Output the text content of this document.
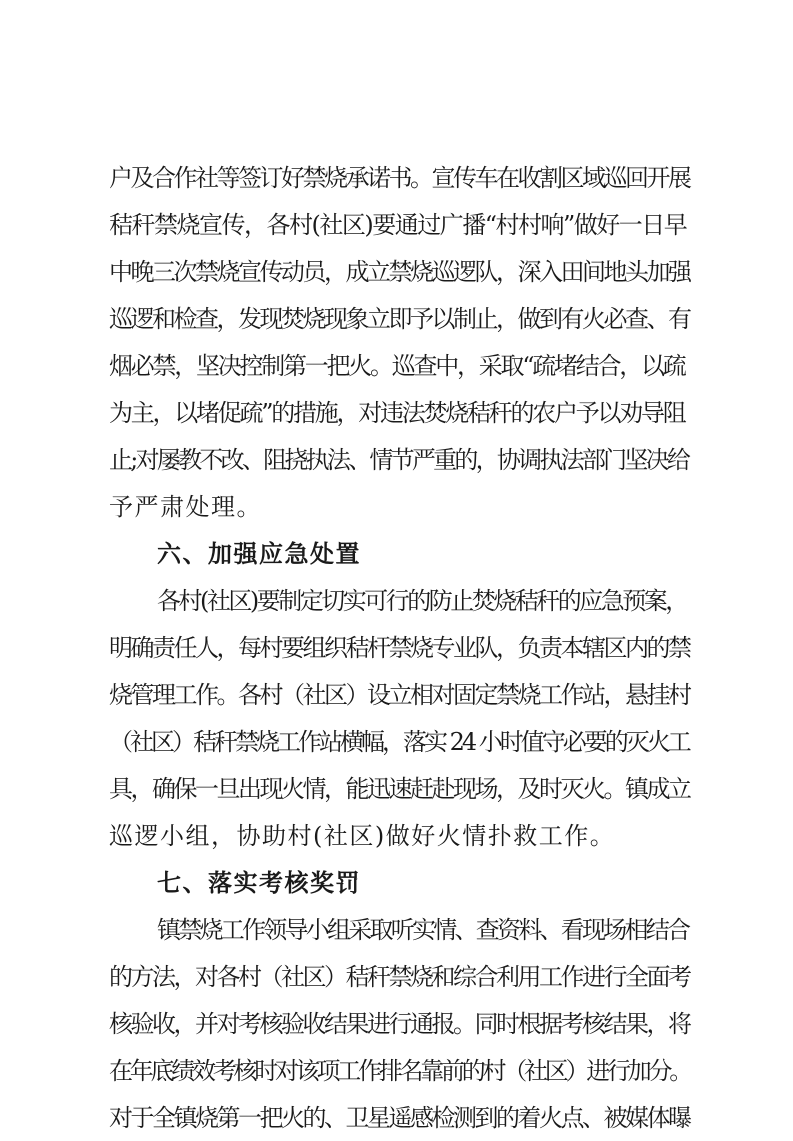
户及合作社等签订好禁烧承诺书。宣传车在收割区域巡回开展
秸秆禁烧宣传，各村(社区)要通过广播“村村响”做好一日早
中晚三次禁烧宣传动员，成立禁烧巡逻队，深入田间地头加强
巡逻和检查，发现焚烧现象立即予以制止，做到有火必查、有
烟必禁，坚决控制第一把火。巡查中，采取“疏堵结合，以疏
为主，以堵促疏”的措施，对违法焚烧秸秆的农户予以劝导阻
止;对屡教不改、阻挠执法、情节严重的，协调执法部门坚决给
予严肃处理。
六、加强应急处置
各村(社区)要制定切实可行的防止焚烧秸秆的应急预案，
明确责任人，每村要组织秸杆禁烧专业队，负责本辖区内的禁
烧管理工作。各村（社区）设立相对固定禁烧工作站，悬挂村
（社区）秸秆禁烧工作站横幅，落实 24 小时值守必要的灭火工
具，确保一旦出现火情，能迅速赶赴现场，及时灭火。镇成立
巡逻小组，协助村(社区)做好火情扑救工作。
七、落实考核奖罚
镇禁烧工作领导小组采取听实情、查资料、看现场相结合
的方法，对各村（社区）秸秆禁烧和综合利用工作进行全面考
核验收，并对考核验收结果进行通报。同时根据考核结果，将
在年底绩效考核时对该项工作排名靠前的村（社区）进行加分。
对于全镇烧第一把火的、卫星遥感检测到的着火点、被媒体曝
